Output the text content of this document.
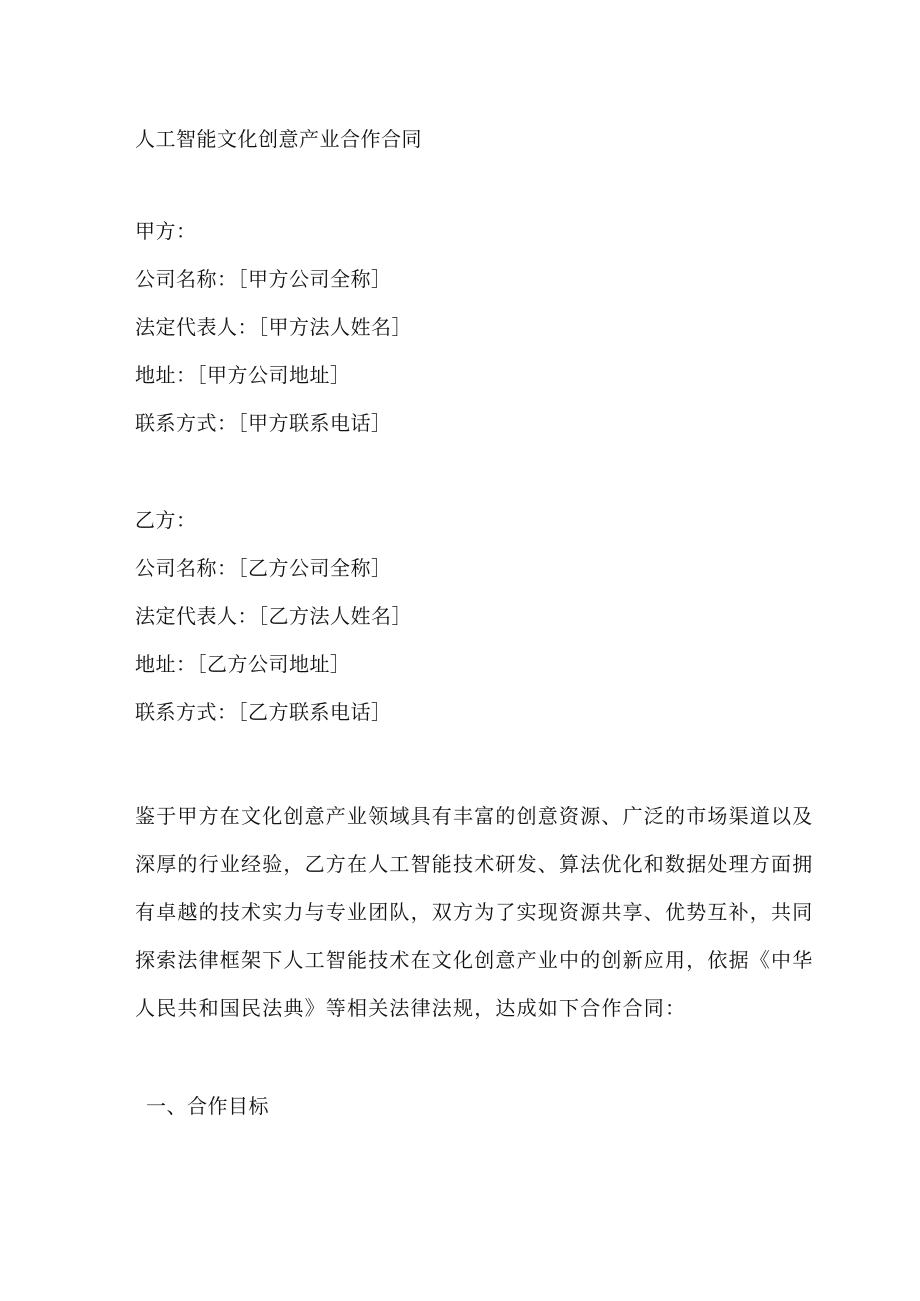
人工智能文化创意产业合作合同
甲方：
公司名称：［甲方公司全称］
法定代表人：［甲方法人姓名］
地址：［甲方公司地址］
联系方式：［甲方联系电话］
乙方：
公司名称：［乙方公司全称］
法定代表人：［乙方法人姓名］
地址：［乙方公司地址］
联系方式：［乙方联系电话］
鉴于甲方在文化创意产业领域具有丰富的创意资源、广泛的市场渠道以及
深厚的行业经验，乙方在人工智能技术研发、算法优化和数据处理方面拥
有卓越的技术实力与专业团队，双方为了实现资源共享、优势互补，共同
探索法律框架下人工智能技术在文化创意产业中的创新应用，依据《中华
人民共和国民法典》等相关法律法规，达成如下合作合同：
一、合作目标
